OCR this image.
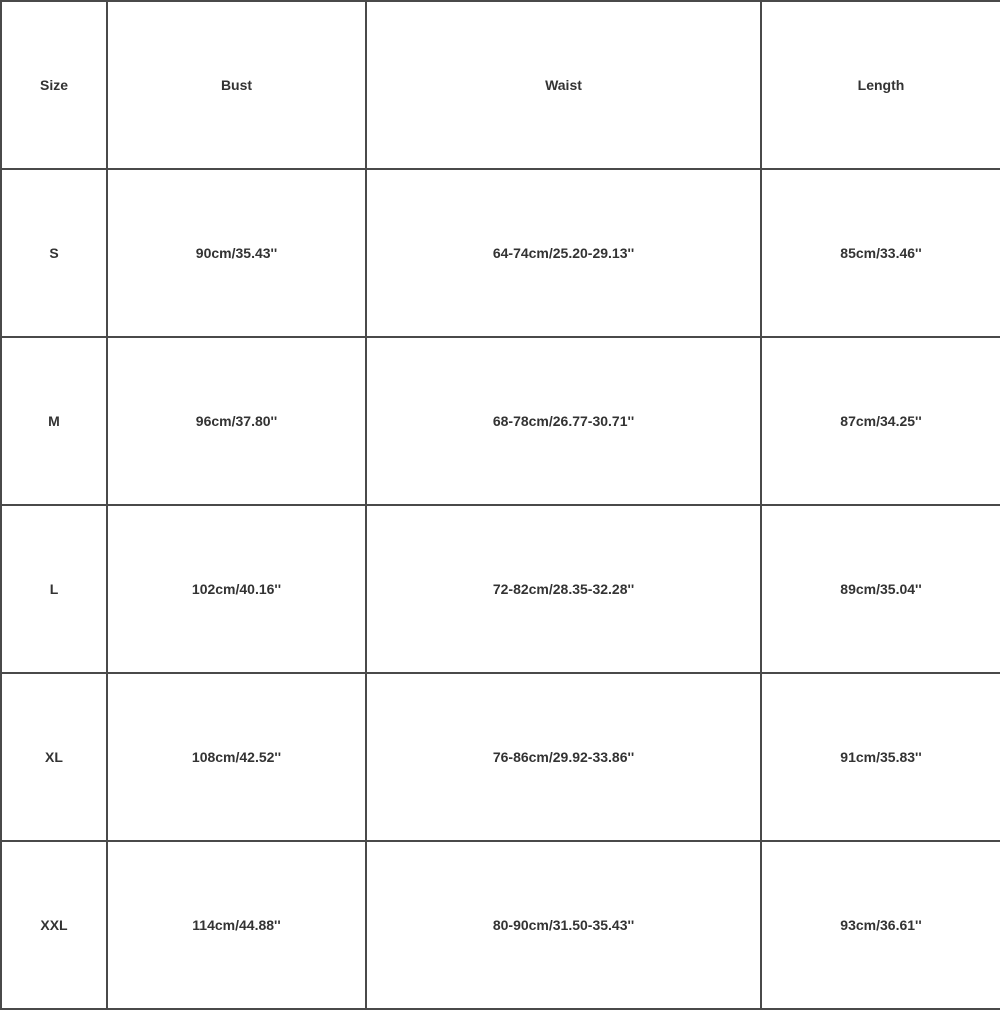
Size	Bust	Waist	Length
S	90cm/35.43''	64-74cm/25.20-29.13''	85cm/33.46''
M	96cm/37.80''	68-78cm/26.77-30.71''	87cm/34.25''
L	102cm/40.16''	72-82cm/28.35-32.28''	89cm/35.04''
XL	108cm/42.52''	76-86cm/29.92-33.86''	91cm/35.83''
XXL	114cm/44.88''	80-90cm/31.50-35.43''	93cm/36.61''
